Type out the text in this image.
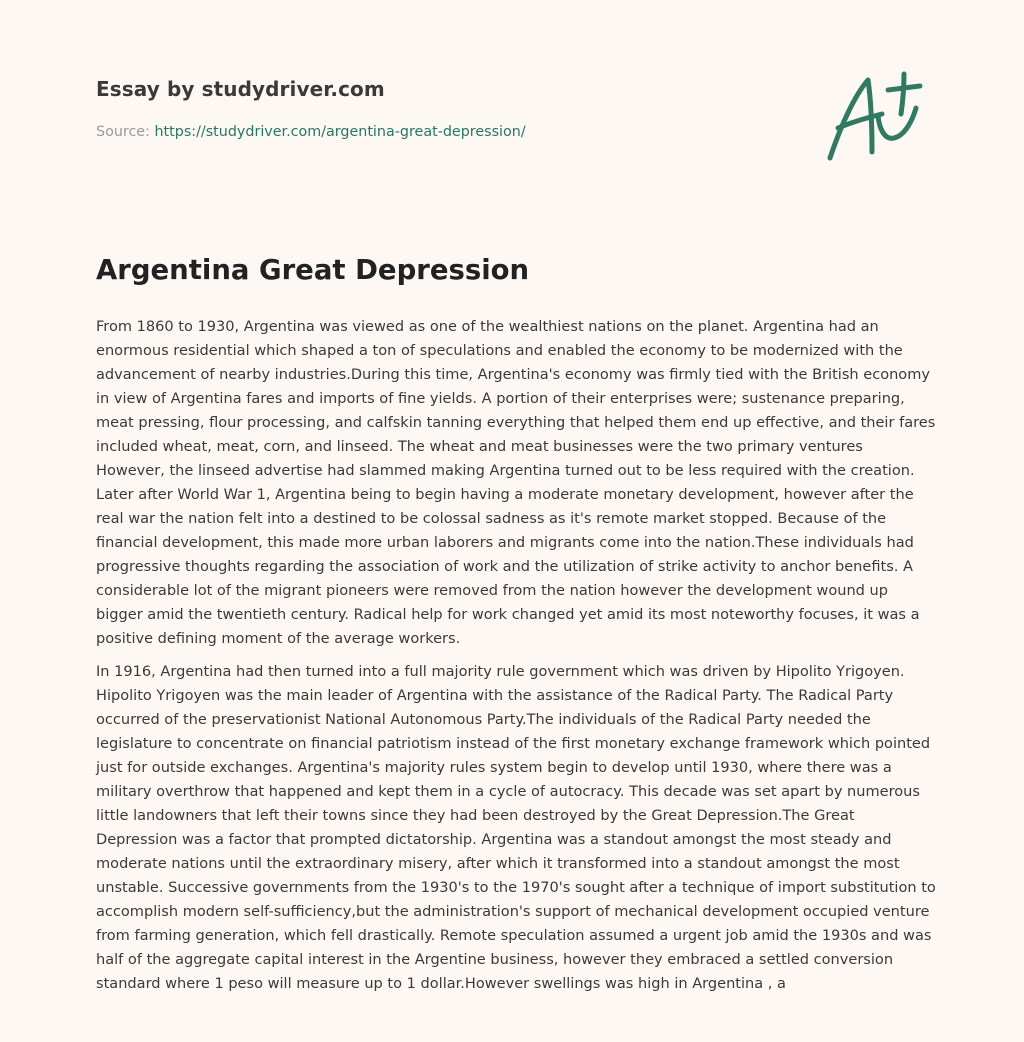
Essay by studydriver.com
Source: https://studydriver.com/argentina-great-depression/
Argentina Great Depression

From 1860 to 1930, Argentina was viewed as one of the wealthiest nations on the planet. Argentina had an enormous residential which shaped a ton of speculations and enabled the economy to be modernized with the advancement of nearby industries.During this time, Argentina's economy was firmly tied with the British economy in view of Argentina fares and imports of fine yields. A portion of their enterprises were; sustenance preparing, meat pressing, flour processing, and calfskin tanning everything that helped them end up effective, and their fares included wheat, meat, corn, and linseed. The wheat and meat businesses were the two primary ventures However, the linseed advertise had slammed making Argentina turned out to be less required with the creation. Later after World War 1, Argentina being to begin having a moderate monetary development, however after the real war the nation felt into a destined to be colossal sadness as it's remote market stopped. Because of the financial development, this made more urban laborers and migrants come into the nation.These individuals had progressive thoughts regarding the association of work and the utilization of strike activity to anchor benefits. A considerable lot of the migrant pioneers were removed from the nation however the development wound up bigger amid the twentieth century. Radical help for work changed yet amid its most noteworthy focuses, it was a positive defining moment of the average workers.

In 1916, Argentina had then turned into a full majority rule government which was driven by Hipolito Yrigoyen. Hipolito Yrigoyen was the main leader of Argentina with the assistance of the Radical Party. The Radical Party occurred of the preservationist National Autonomous Party.The individuals of the Radical Party needed the legislature to concentrate on financial patriotism instead of the first monetary exchange framework which pointed just for outside exchanges. Argentina's majority rules system begin to develop until 1930, where there was a military overthrow that happened and kept them in a cycle of autocracy. This decade was set apart by numerous little landowners that left their towns since they had been destroyed by the Great Depression.The Great Depression was a factor that prompted dictatorship. Argentina was a standout amongst the most steady and moderate nations until the extraordinary misery, after which it transformed into a standout amongst the most unstable. Successive governments from the 1930's to the 1970's sought after a technique of import substitution to accomplish modern self-sufficiency,but the administration's support of mechanical development occupied venture from farming generation, which fell drastically. Remote speculation assumed a urgent job amid the 1930s and was half of the aggregate capital interest in the Argentine business, however they embraced a settled conversion standard where 1 peso will measure up to 1 dollar.However swellings was high in Argentina , a
